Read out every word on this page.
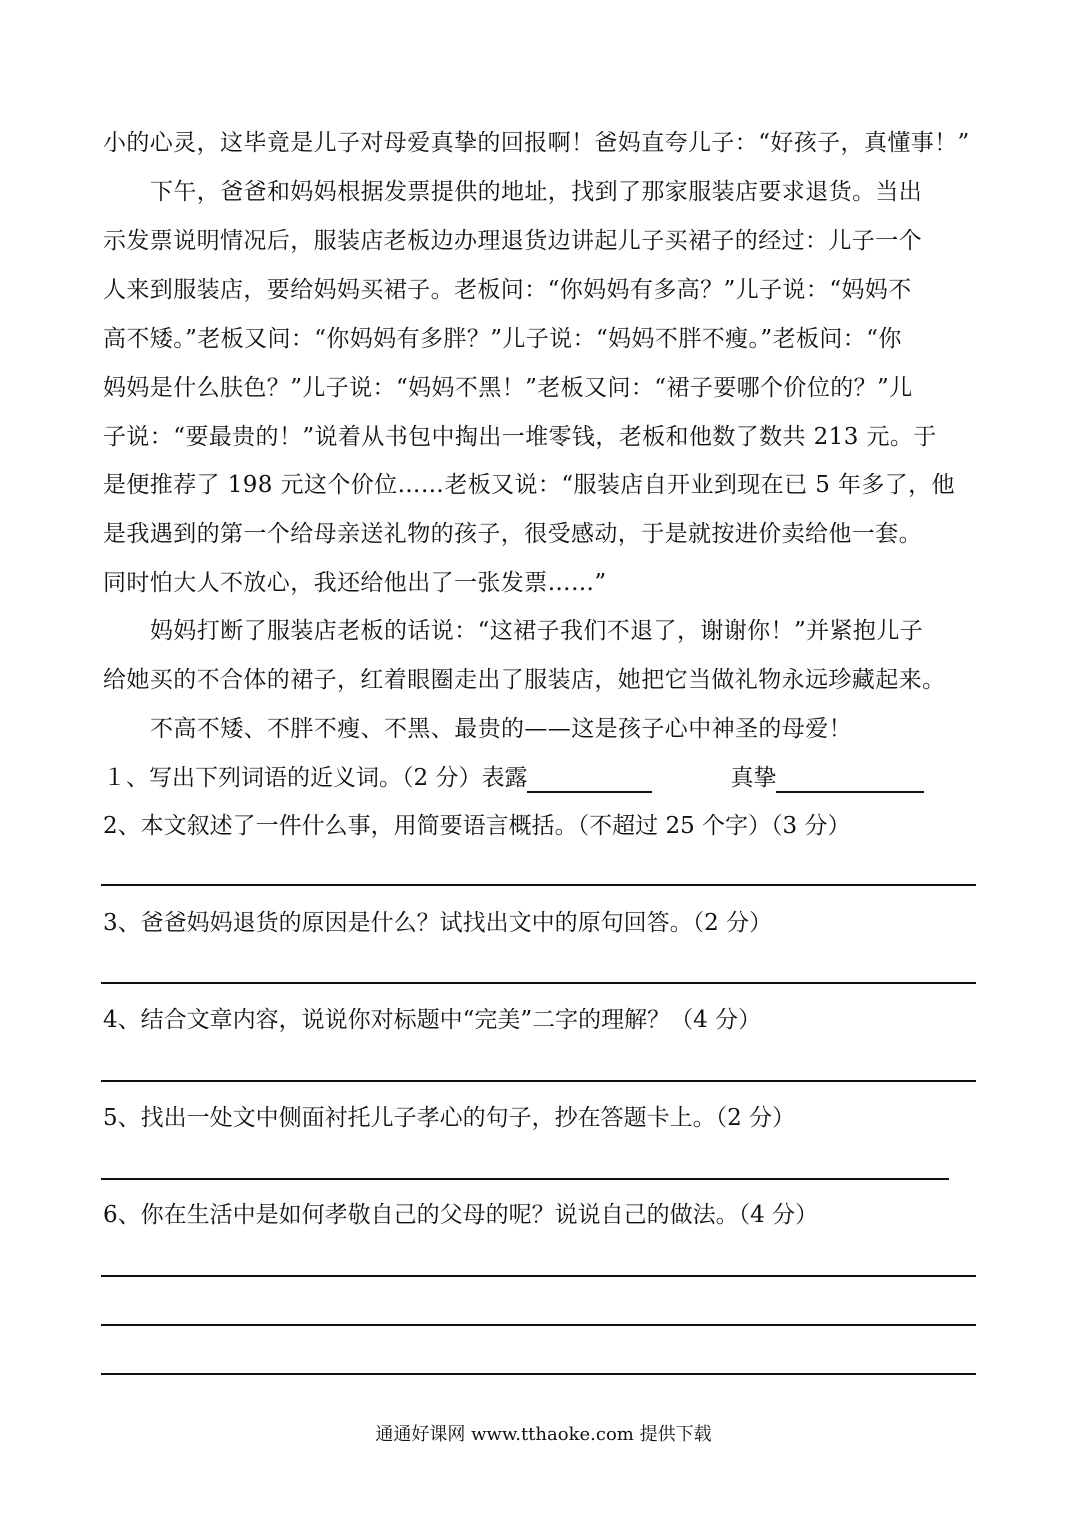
小的心灵，这毕竟是儿子对母爱真挚的回报啊！爸妈直夸儿子：“好孩子，真懂事！”
下午，爸爸和妈妈根据发票提供的地址，找到了那家服装店要求退货。当出
示发票说明情况后，服装店老板边办理退货边讲起儿子买裙子的经过：儿子一个
人来到服装店，要给妈妈买裙子。老板问：“你妈妈有多高？”儿子说：“妈妈不
高不矮。”老板又问：“你妈妈有多胖？”儿子说：“妈妈不胖不瘦。”老板问：“你
妈妈是什么肤色？”儿子说：“妈妈不黑！”老板又问：“裙子要哪个价位的？”儿
子说：“要最贵的！”说着从书包中掏出一堆零钱，老板和他数了数共 213 元。于
是便推荐了 198 元这个价位……老板又说：“服装店自开业到现在已 5 年多了，他
是我遇到的第一个给母亲送礼物的孩子，很受感动，于是就按进价卖给他一套。
同时怕大人不放心，我还给他出了一张发票……”
妈妈打断了服装店老板的话说：“这裙子我们不退了，谢谢你！”并紧抱儿子
给她买的不合体的裙子，红着眼圈走出了服装店，她把它当做礼物永远珍藏起来。
不高不矮、不胖不瘦、不黑、最贵的——这是孩子心中神圣的母爱！
１、写出下列词语的近义词。（2 分）表露	真挚
2、本文叙述了一件什么事，用简要语言概括。（不超过 25 个字）（3 分）
3、爸爸妈妈退货的原因是什么？试找出文中的原句回答。（2 分）
4、结合文章内容，说说你对标题中“完美”二字的理解？（4 分）
5、找出一处文中侧面衬托儿子孝心的句子，抄在答题卡上。（2 分）
6、你在生活中是如何孝敬自己的父母的呢？说说自己的做法。（4 分）
通通好课网 www.tthaoke.com 提供下载
